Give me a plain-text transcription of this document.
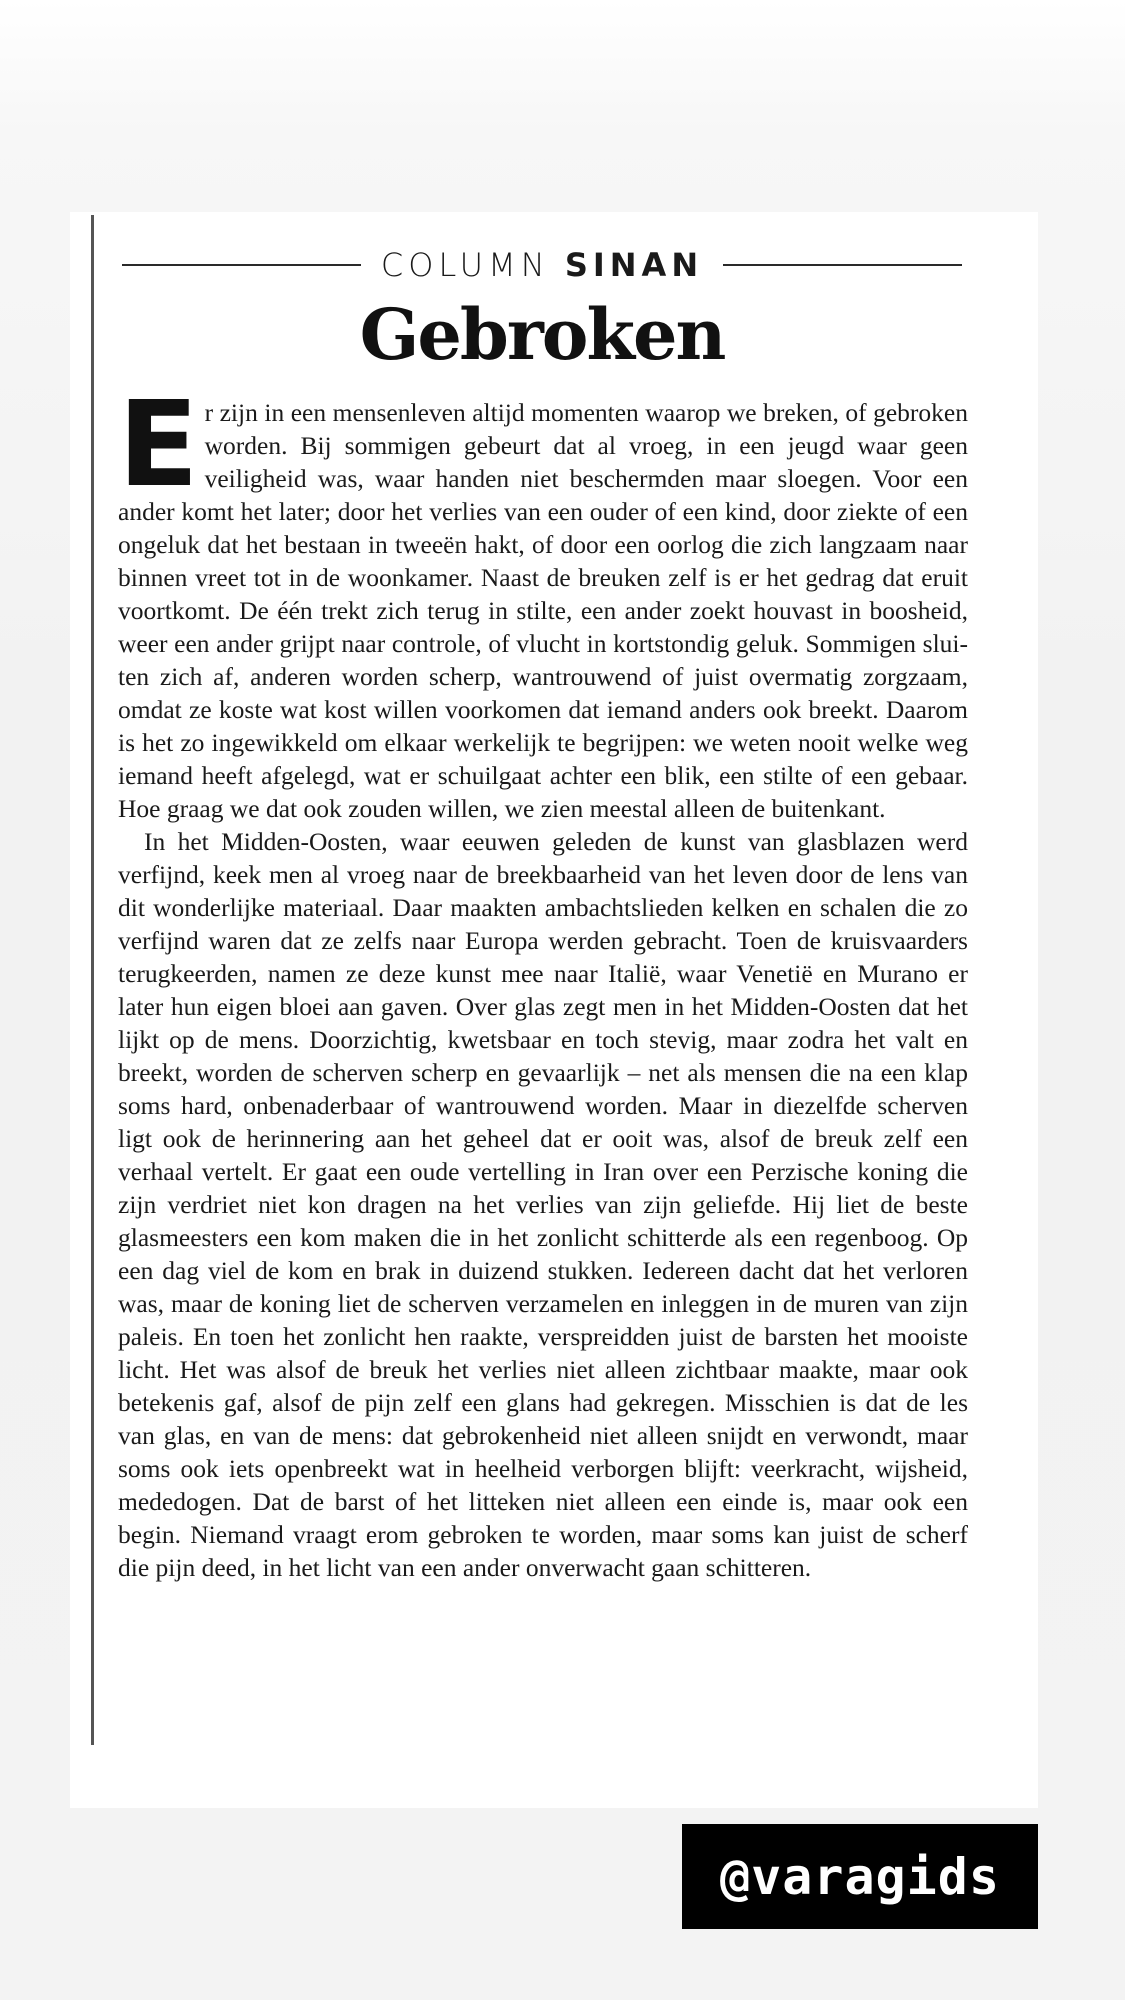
COLUMN SINAN
Gebroken

Er zijn in een mensenleven altijd momenten waarop we breken, of gebroken worden. Bij sommigen gebeurt dat al vroeg, in een jeugd waar geen veiligheid was, waar handen niet beschermden maar sloegen. Voor een ander komt het later; door het verlies van een ouder of een kind, door ziekte of een ongeluk dat het bestaan in tweeën hakt, of door een oorlog die zich langzaam naar binnen vreet tot in de woonkamer. Naast de breuken zelf is er het gedrag dat eruit voortkomt. De één trekt zich terug in stilte, een ander zoekt houvast in boosheid, weer een ander grijpt naar controle, of vlucht in kortstondig geluk. Sommigen sluiten zich af, anderen worden scherp, wantrouwend of juist overmatig zorgzaam, omdat ze koste wat kost willen voorkomen dat iemand anders ook breekt. Daarom is het zo ingewikkeld om elkaar werkelijk te begrijpen: we weten nooit welke weg iemand heeft afgelegd, wat er schuilgaat achter een blik, een stilte of een gebaar. Hoe graag we dat ook zouden willen, we zien meestal alleen de buitenkant.

In het Midden-Oosten, waar eeuwen geleden de kunst van glasblazen werd verfijnd, keek men al vroeg naar de breekbaarheid van het leven door de lens van dit wonderlijke materiaal. Daar maakten ambachtslieden kelken en schalen die zo verfijnd waren dat ze zelfs naar Europa werden gebracht. Toen de kruisvaarders terugkeerden, namen ze deze kunst mee naar Italië, waar Venetië en Murano er later hun eigen bloei aan gaven. Over glas zegt men in het Midden-Oosten dat het lijkt op de mens. Doorzichtig, kwetsbaar en toch stevig, maar zodra het valt en breekt, worden de scherven scherp en gevaarlijk – net als mensen die na een klap soms hard, onbenaderbaar of wantrouwend worden. Maar in diezelfde scherven ligt ook de herinnering aan het geheel dat er ooit was, alsof de breuk zelf een verhaal vertelt. Er gaat een oude vertelling in Iran over een Perzische koning die zijn verdriet niet kon dragen na het verlies van zijn geliefde. Hij liet de beste glasmeesters een kom maken die in het zonlicht schitterde als een regenboog. Op een dag viel de kom en brak in duizend stukken. Iedereen dacht dat het verloren was, maar de koning liet de scherven verzamelen en inleggen in de muren van zijn paleis. En toen het zonlicht hen raakte, verspreidden juist de barsten het mooiste licht. Het was alsof de breuk het verlies niet alleen zichtbaar maakte, maar ook betekenis gaf, alsof de pijn zelf een glans had gekregen. Misschien is dat de les van glas, en van de mens: dat gebrokenheid niet alleen snijdt en verwondt, maar soms ook iets openbreekt wat in heelheid verborgen blijft: veerkracht, wijsheid, mededogen. Dat de barst of het litteken niet alleen een einde is, maar ook een begin. Niemand vraagt erom gebroken te worden, maar soms kan juist de scherf die pijn deed, in het licht van een ander onverwacht gaan schitteren.

@varagids
